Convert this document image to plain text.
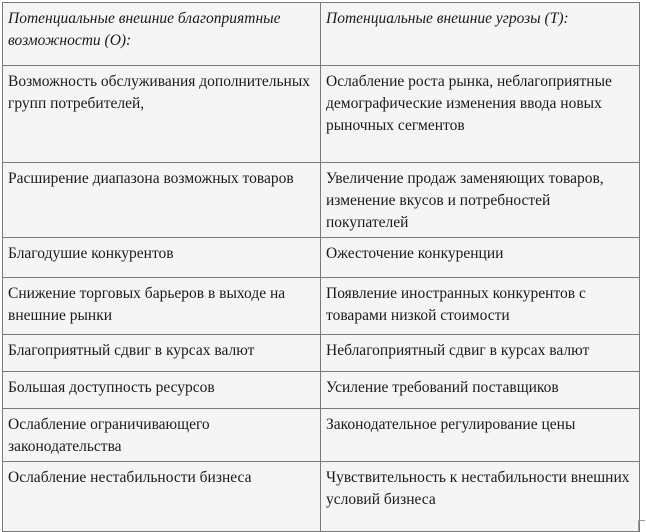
Потенциальные внешние благоприятные возможности (О):	Потенциальные внешние угрозы (Т):
Возможность обслуживания дополнительных групп потребителей,	Ослабление роста рынка, неблагоприятные демографические изменения ввода новых рыночных сегментов
Расширение диапазона возможных товаров	Увеличение продаж заменяющих товаров, изменение вкусов и потребностей покупателей
Благодушие конкурентов	Ожесточение конкуренции
Снижение торговых барьеров в выходе на внешние рынки	Появление иностранных конкурентов с товарами низкой стоимости
Благоприятный сдвиг в курсах валют	Неблагоприятный сдвиг в курсах валют
Большая доступность ресурсов	Усиление требований поставщиков
Ослабление ограничивающего законодательства	Законодательное регулирование цены
Ослабление нестабильности бизнеса	Чувствительность к нестабильности внешних условий бизнеса
